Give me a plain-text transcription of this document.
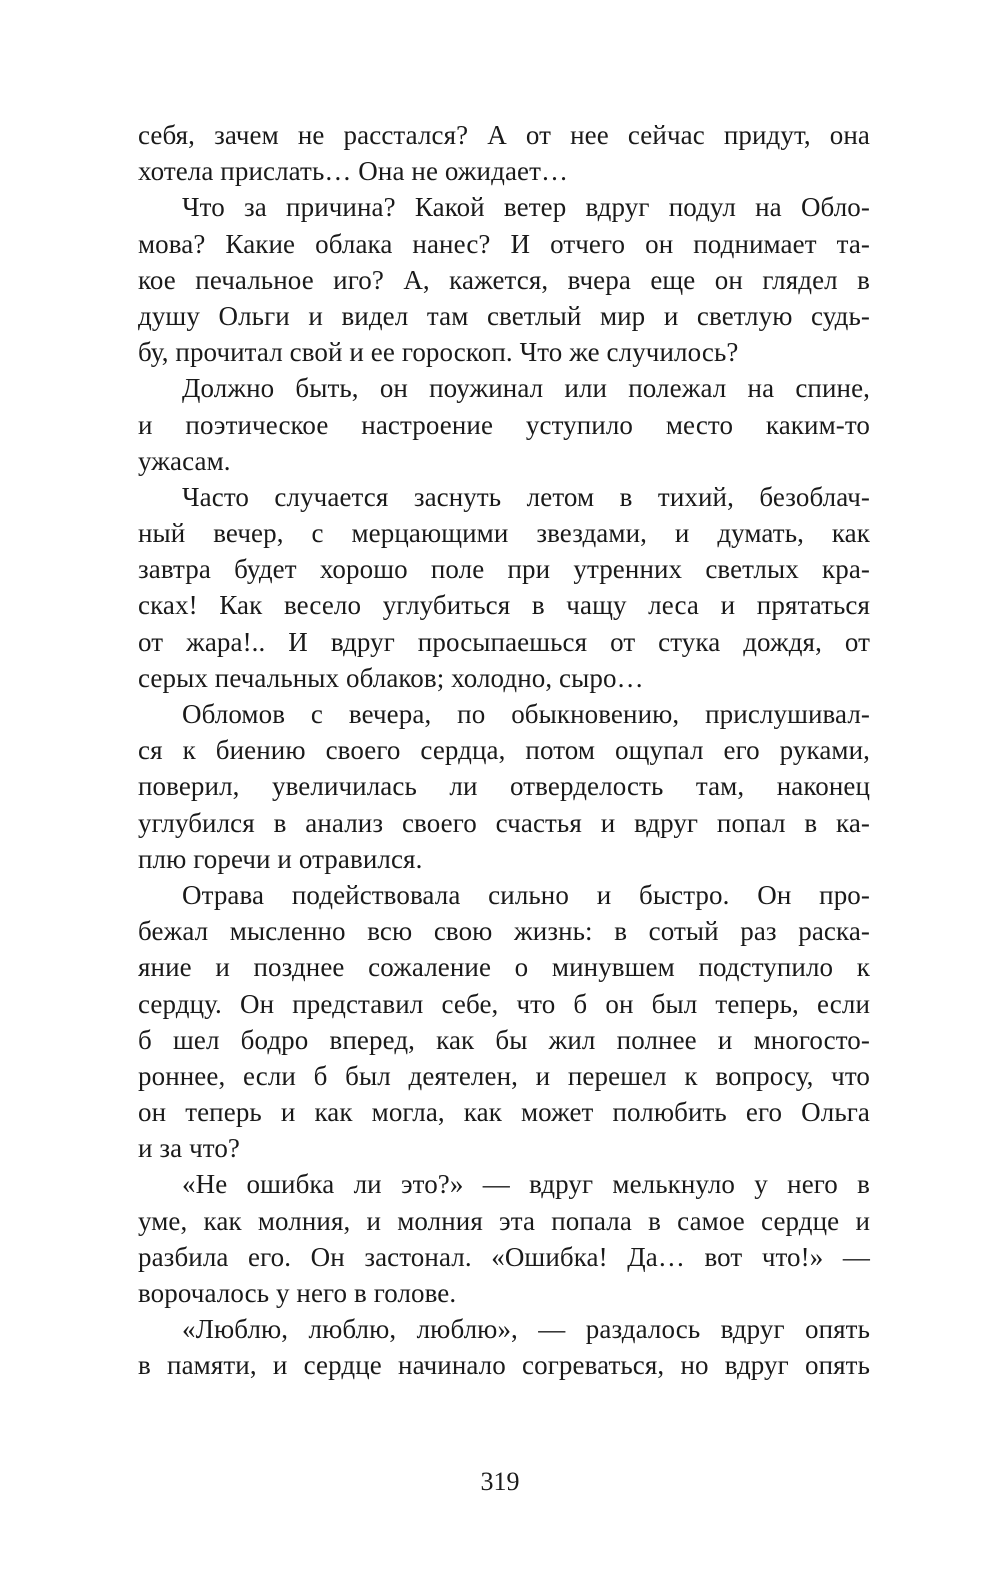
себя, зачем не расстался? А от нее сейчас придут, она
хотела прислать… Она не ожидает…
Что за причина? Какой ветер вдруг подул на Обло-
мова? Какие облака нанес? И отчего он поднимает та-
кое печальное иго? А, кажется, вчера еще он глядел в
душу Ольги и видел там светлый мир и светлую судь-
бу, прочитал свой и ее гороскоп. Что же случилось?
Должно быть, он поужинал или полежал на спине,
и поэтическое настроение уступило место каким-то
ужасам.
Часто случается заснуть летом в тихий, безоблач-
ный вечер, с мерцающими звездами, и думать, как
завтра будет хорошо поле при утренних светлых кра-
сках! Как весело углубиться в чащу леса и прятаться
от жара!.. И вдруг просыпаешься от стука дождя, от
серых печальных облаков; холодно, сыро…
Обломов с вечера, по обыкновению, прислушивал-
ся к биению своего сердца, потом ощупал его руками,
поверил, увеличилась ли отверделость там, наконец
углубился в анализ своего счастья и вдруг попал в ка-
плю горечи и отравился.
Отрава подействовала сильно и быстро. Он про-
бежал мысленно всю свою жизнь: в сотый раз раска-
яние и позднее сожаление о минувшем подступило к
сердцу. Он представил себе, что б он был теперь, если
б шел бодро вперед, как бы жил полнее и многосто-
роннее, если б был деятелен, и перешел к вопросу, что
он теперь и как могла, как может полюбить его Ольга
и за что?
«Не ошибка ли это?» — вдруг мелькнуло у него в
уме, как молния, и молния эта попала в самое сердце и
разбила его. Он застонал. «Ошибка! Да… вот что!» —
ворочалось у него в голове.
«Люблю, люблю, люблю», — раздалось вдруг опять
в памяти, и сердце начинало согреваться, но вдруг опять
319
